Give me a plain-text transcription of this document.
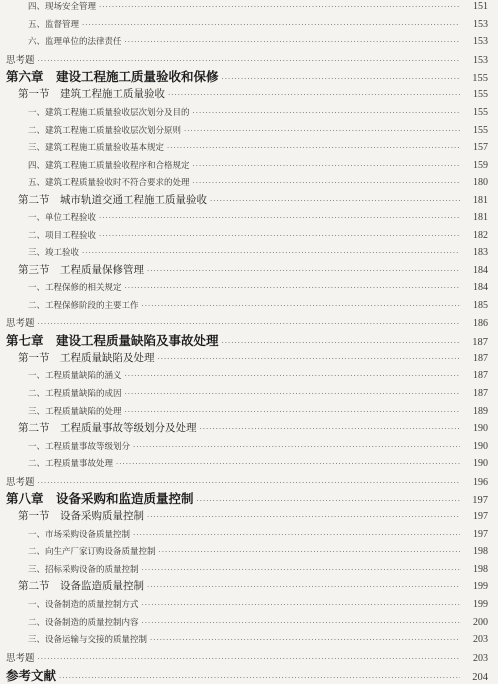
四、现场安全管理 ·····	151
五、监督管理 ·····	153
六、监理单位的法律责任 ·····	153
思考题 ·····	153
第六章　建设工程施工质量验收和保修 ·····	155
第一节　建筑工程施工质量验收 ·····	155
一、建筑工程施工质量验收层次划分及目的 ·····	155
二、建筑工程施工质量验收层次划分原则 ·····	155
三、建筑工程施工质量验收基本规定 ·····	157
四、建筑工程施工质量验收程序和合格规定 ·····	159
五、建筑工程质量验收时不符合要求的处理 ·····	180
第二节　城市轨道交通工程施工质量验收 ·····	181
一、单位工程验收 ·····	181
二、项目工程验收 ·····	182
三、竣工验收 ·····	183
第三节　工程质量保修管理 ·····	184
一、工程保修的相关规定 ·····	184
二、工程保修阶段的主要工作 ·····	185
思考题 ·····	186
第七章　建设工程质量缺陷及事故处理 ·····	187
第一节　工程质量缺陷及处理 ·····	187
一、工程质量缺陷的涵义 ·····	187
二、工程质量缺陷的成因 ·····	187
三、工程质量缺陷的处理 ·····	189
第二节　工程质量事故等级划分及处理 ·····	190
一、工程质量事故等级划分 ·····	190
二、工程质量事故处理 ·····	190
思考题 ·····	196
第八章　设备采购和监造质量控制 ·····	197
第一节　设备采购质量控制 ·····	197
一、市场采购设备质量控制 ·····	197
二、向生产厂家订购设备质量控制 ·····	198
三、招标采购设备的质量控制 ·····	198
第二节　设备监造质量控制 ·····	199
一、设备制造的质量控制方式 ·····	199
二、设备制造的质量控制内容 ·····	200
三、设备运输与交接的质量控制 ·····	203
思考题 ·····	203
参考文献 ·····	204
